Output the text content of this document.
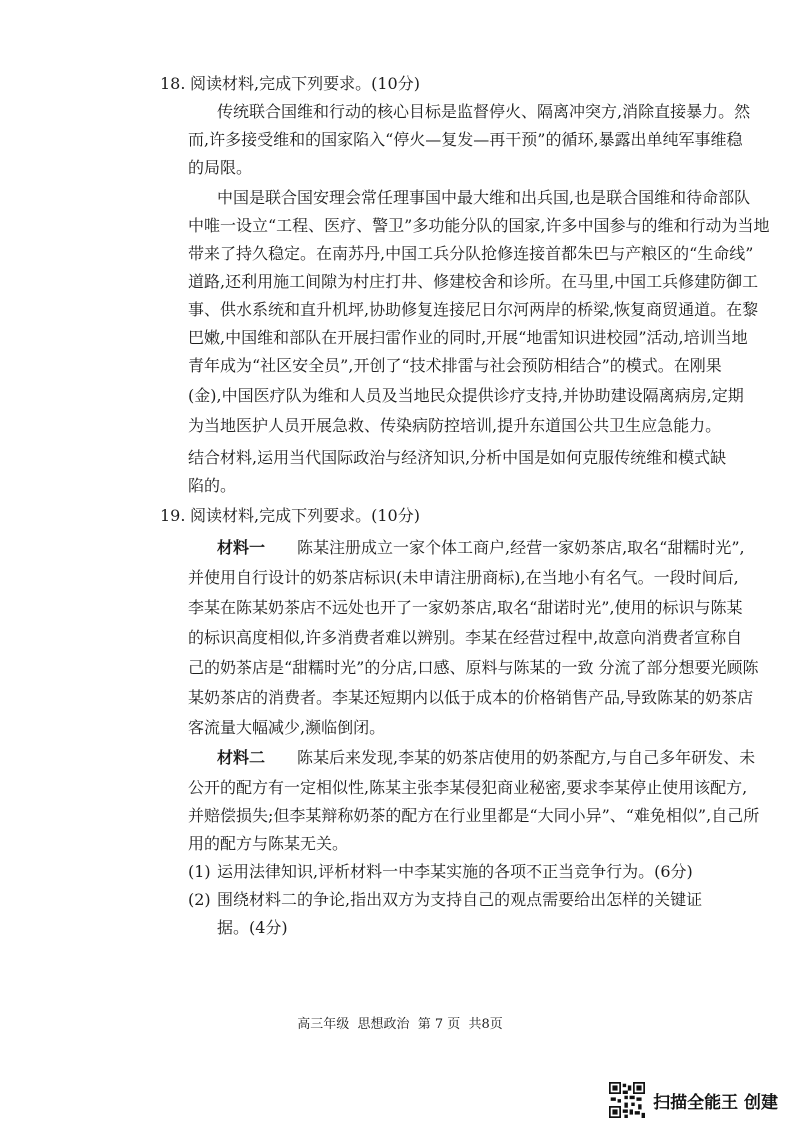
18. 阅读材料,完成下列要求。(10分)
传统联合国维和行动的核心目标是监督停火、隔离冲突方,消除直接暴力。然
而,许多接受维和的国家陷入“停火—复发—再干预”的循环,暴露出单纯军事维稳
的局限。
中国是联合国安理会常任理事国中最大维和出兵国,也是联合国维和待命部队
中唯一设立“工程、医疗、警卫”多功能分队的国家,许多中国参与的维和行动为当地
带来了持久稳定。在南苏丹,中国工兵分队抢修连接首都朱巴与产粮区的“生命线”
道路,还利用施工间隙为村庄打井、修建校舍和诊所。在马里,中国工兵修建防御工
事、供水系统和直升机坪,协助修复连接尼日尔河两岸的桥梁,恢复商贸通道。在黎
巴嫩,中国维和部队在开展扫雷作业的同时,开展“地雷知识进校园”活动,培训当地
青年成为“社区安全员”,开创了“技术排雷与社会预防相结合”的模式。在刚果
(金),中国医疗队为维和人员及当地民众提供诊疗支持,并协助建设隔离病房,定期
为当地医护人员开展急救、传染病防控培训,提升东道国公共卫生应急能力。
结合材料,运用当代国际政治与经济知识,分析中国是如何克服传统维和模式缺
陷的。
19. 阅读材料,完成下列要求。(10分)
材料一 陈某注册成立一家个体工商户,经营一家奶茶店,取名“甜糯时光”,
并使用自行设计的奶茶店标识(未申请注册商标),在当地小有名气。一段时间后,
李某在陈某奶茶店不远处也开了一家奶茶店,取名“甜诺时光”,使用的标识与陈某
的标识高度相似,许多消费者难以辨别。李某在经营过程中,故意向消费者宣称自
己的奶茶店是“甜糯时光”的分店,口感、原料与陈某的一致 分流了部分想要光顾陈
某奶茶店的消费者。李某还短期内以低于成本的价格销售产品,导致陈某的奶茶店
客流量大幅减少,濒临倒闭。
材料二 陈某后来发现,李某的奶茶店使用的奶茶配方,与自己多年研发、未
公开的配方有一定相似性,陈某主张李某侵犯商业秘密,要求李某停止使用该配方,
并赔偿损失;但李某辩称奶茶的配方在行业里都是“大同小异”、“难免相似”,自己所
用的配方与陈某无关。
(1) 运用法律知识,评析材料一中李某实施的各项不正当竞争行为。(6分)
(2) 围绕材料二的争论,指出双方为支持自己的观点需要给出怎样的关键证
据。(4分)
高三年级  思想政治  第 7 页  共8页
扫描全能王 创建
